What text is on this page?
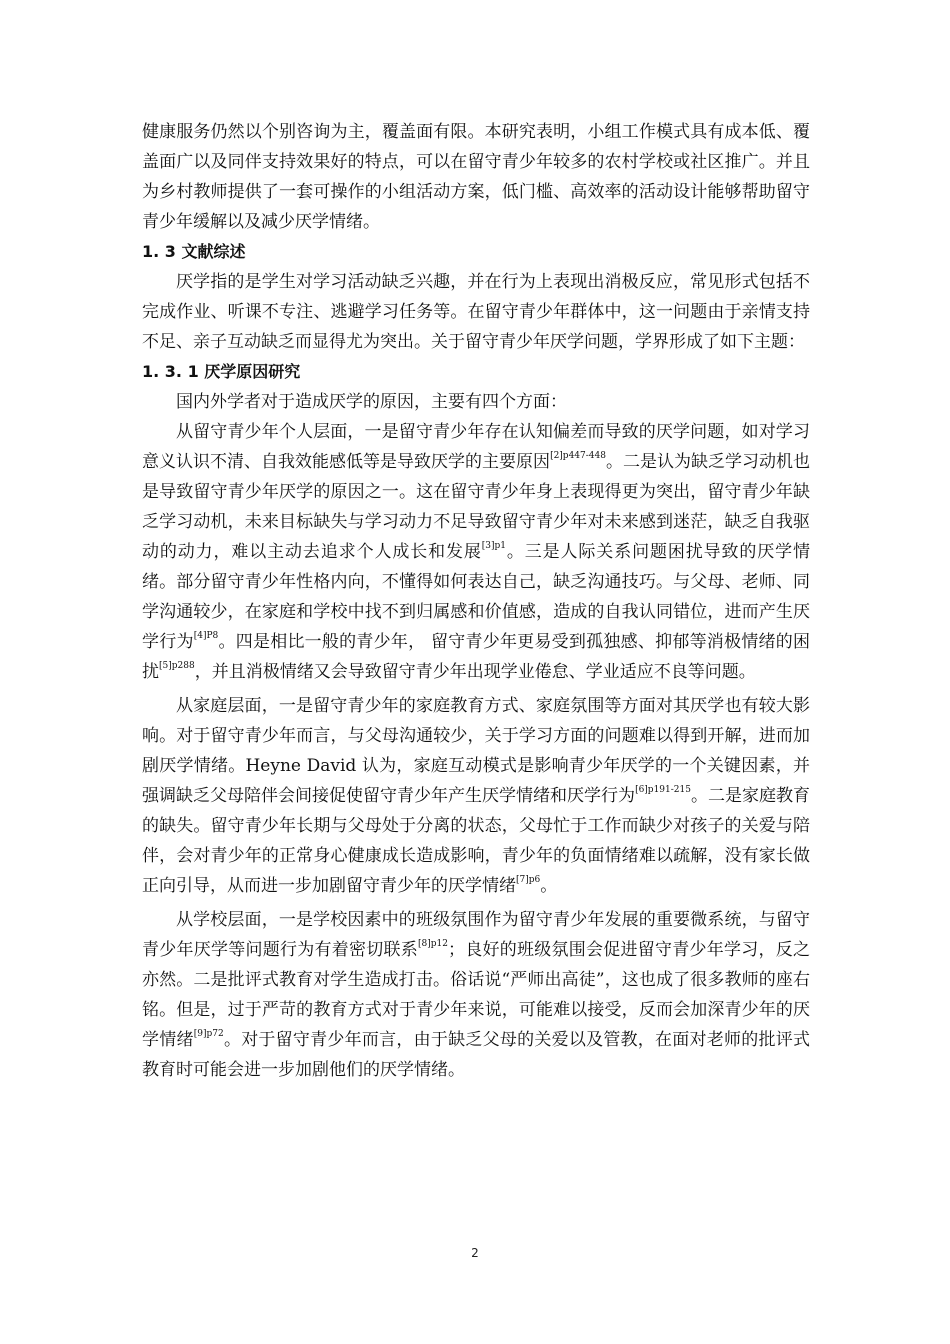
健康服务仍然以个别咨询为主，覆盖面有限。本研究表明，小组工作模式具有成本低、覆盖面广以及同伴支持效果好的特点，可以在留守青少年较多的农村学校或社区推广。并且为乡村教师提供了一套可操作的小组活动方案，低门槛、高效率的活动设计能够帮助留守青少年缓解以及减少厌学情绪。

1. 3 文献综述

厌学指的是学生对学习活动缺乏兴趣，并在行为上表现出消极反应，常见形式包括不完成作业、听课不专注、逃避学习任务等。在留守青少年群体中，这一问题由于亲情支持不足、亲子互动缺乏而显得尤为突出。关于留守青少年厌学问题，学界形成了如下主题：

1. 3. 1 厌学原因研究

国内外学者对于造成厌学的原因，主要有四个方面：

从留守青少年个人层面，一是留守青少年存在认知偏差而导致的厌学问题，如对学习意义认识不清、自我效能感低等是导致厌学的主要原因$^{[2]p447-448}$。二是认为缺乏学习动机也是导致留守青少年厌学的原因之一。这在留守青少年身上表现得更为突出，留守青少年缺乏学习动机，未来目标缺失与学习动力不足导致留守青少年对未来感到迷茫，缺乏自我驱动的动力，难以主动去追求个人成长和发展$^{[3]p1}$。三是人际关系问题困扰导致的厌学情绪。部分留守青少年性格内向，不懂得如何表达自己，缺乏沟通技巧。与父母、老师、同学沟通较少，在家庭和学校中找不到归属感和价值感，造成的自我认同错位，进而产生厌学行为$^{[4]P8}$。四是相比一般的青少年， 留守青少年更易受到孤独感、抑郁等消极情绪的困扰$^{[5]p288}$，并且消极情绪又会导致留守青少年出现学业倦怠、学业适应不良等问题。

从家庭层面，一是留守青少年的家庭教育方式、家庭氛围等方面对其厌学也有较大影响。对于留守青少年而言，与父母沟通较少，关于学习方面的问题难以得到开解，进而加剧厌学情绪。Heyne David 认为，家庭互动模式是影响青少年厌学的一个关键因素，并强调缺乏父母陪伴会间接促使留守青少年产生厌学情绪和厌学行为$^{[6]p191-215}$。二是家庭教育的缺失。留守青少年长期与父母处于分离的状态，父母忙于工作而缺少对孩子的关爱与陪伴，会对青少年的正常身心健康成长造成影响，青少年的负面情绪难以疏解，没有家长做正向引导，从而进一步加剧留守青少年的厌学情绪$^{[7]p6}$。

从学校层面，一是学校因素中的班级氛围作为留守青少年发展的重要微系统，与留守青少年厌学等问题行为有着密切联系$^{[8]p12}$；良好的班级氛围会促进留守青少年学习，反之亦然。二是批评式教育对学生造成打击。俗话说“严师出高徒”，这也成了很多教师的座右铭。但是，过于严苛的教育方式对于青少年来说，可能难以接受，反而会加深青少年的厌学情绪$^{[9]p72}$。对于留守青少年而言，由于缺乏父母的关爱以及管教，在面对老师的批评式教育时可能会进一步加剧他们的厌学情绪。

2
